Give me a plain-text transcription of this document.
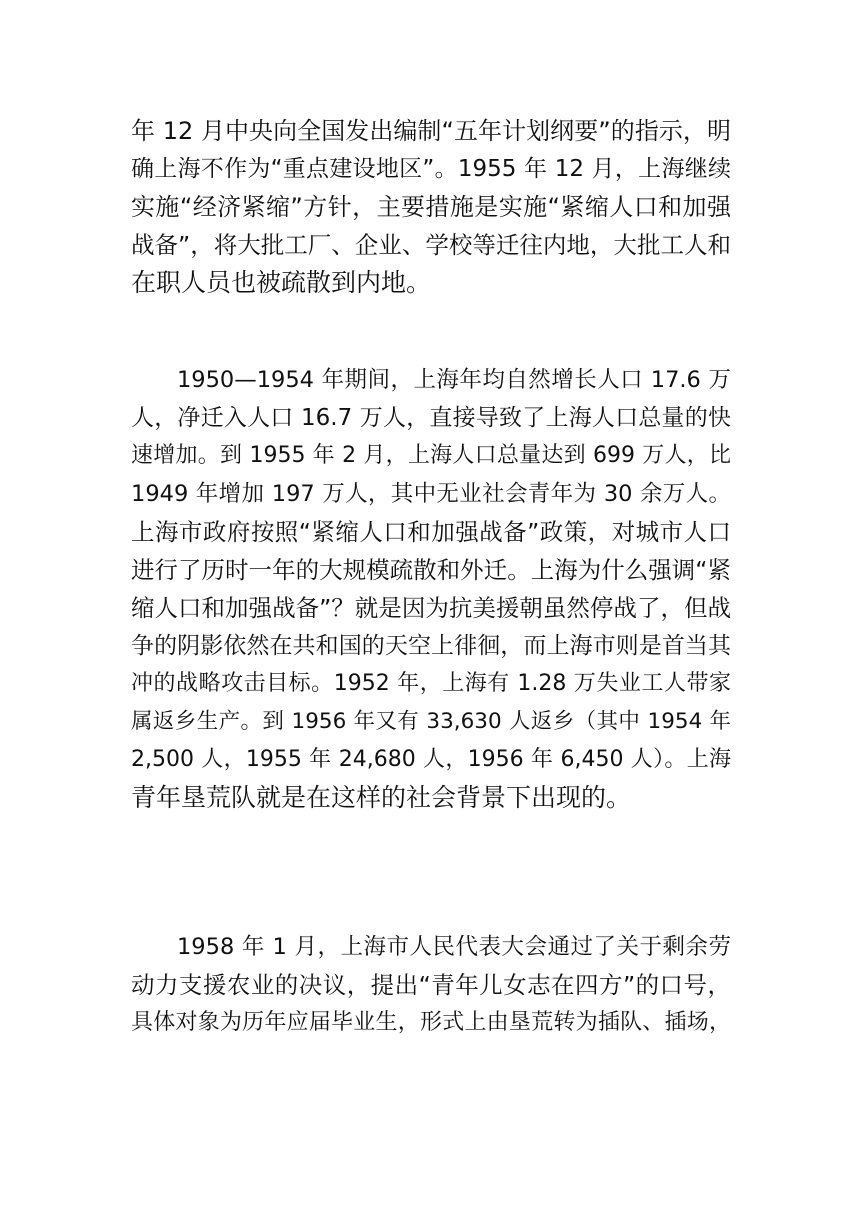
年 12 月中央向全国发出编制“五年计划纲要”的指示，明
确上海不作为“重点建设地区”。1955 年 12 月，上海继续
实施“经济紧缩”方针，主要措施是实施“紧缩人口和加强
战备”，将大批工厂、企业、学校等迁往内地，大批工人和
在职人员也被疏散到内地。
　　1950—1954 年期间，上海年均自然增长人口 17.6 万
人，净迁入人口 16.7 万人，直接导致了上海人口总量的快
速增加。到 1955 年 2 月，上海人口总量达到 699 万人，比
1949 年增加 197 万人，其中无业社会青年为 30 余万人。
上海市政府按照“紧缩人口和加强战备”政策，对城市人口
进行了历时一年的大规模疏散和外迁。上海为什么强调“紧
缩人口和加强战备”？就是因为抗美援朝虽然停战了，但战
争的阴影依然在共和国的天空上徘徊，而上海市则是首当其
冲的战略攻击目标。1952 年，上海有 1.28 万失业工人带家
属返乡生产。到 1956 年又有 33,630 人返乡（其中 1954 年
2,500 人，1955 年 24,680 人，1956 年 6,450 人）。上海
青年垦荒队就是在这样的社会背景下出现的。
　　1958 年 1 月，上海市人民代表大会通过了关于剩余劳
动力支援农业的决议，提出“青年儿女志在四方”的口号，
具体对象为历年应届毕业生，形式上由垦荒转为插队、插场，
